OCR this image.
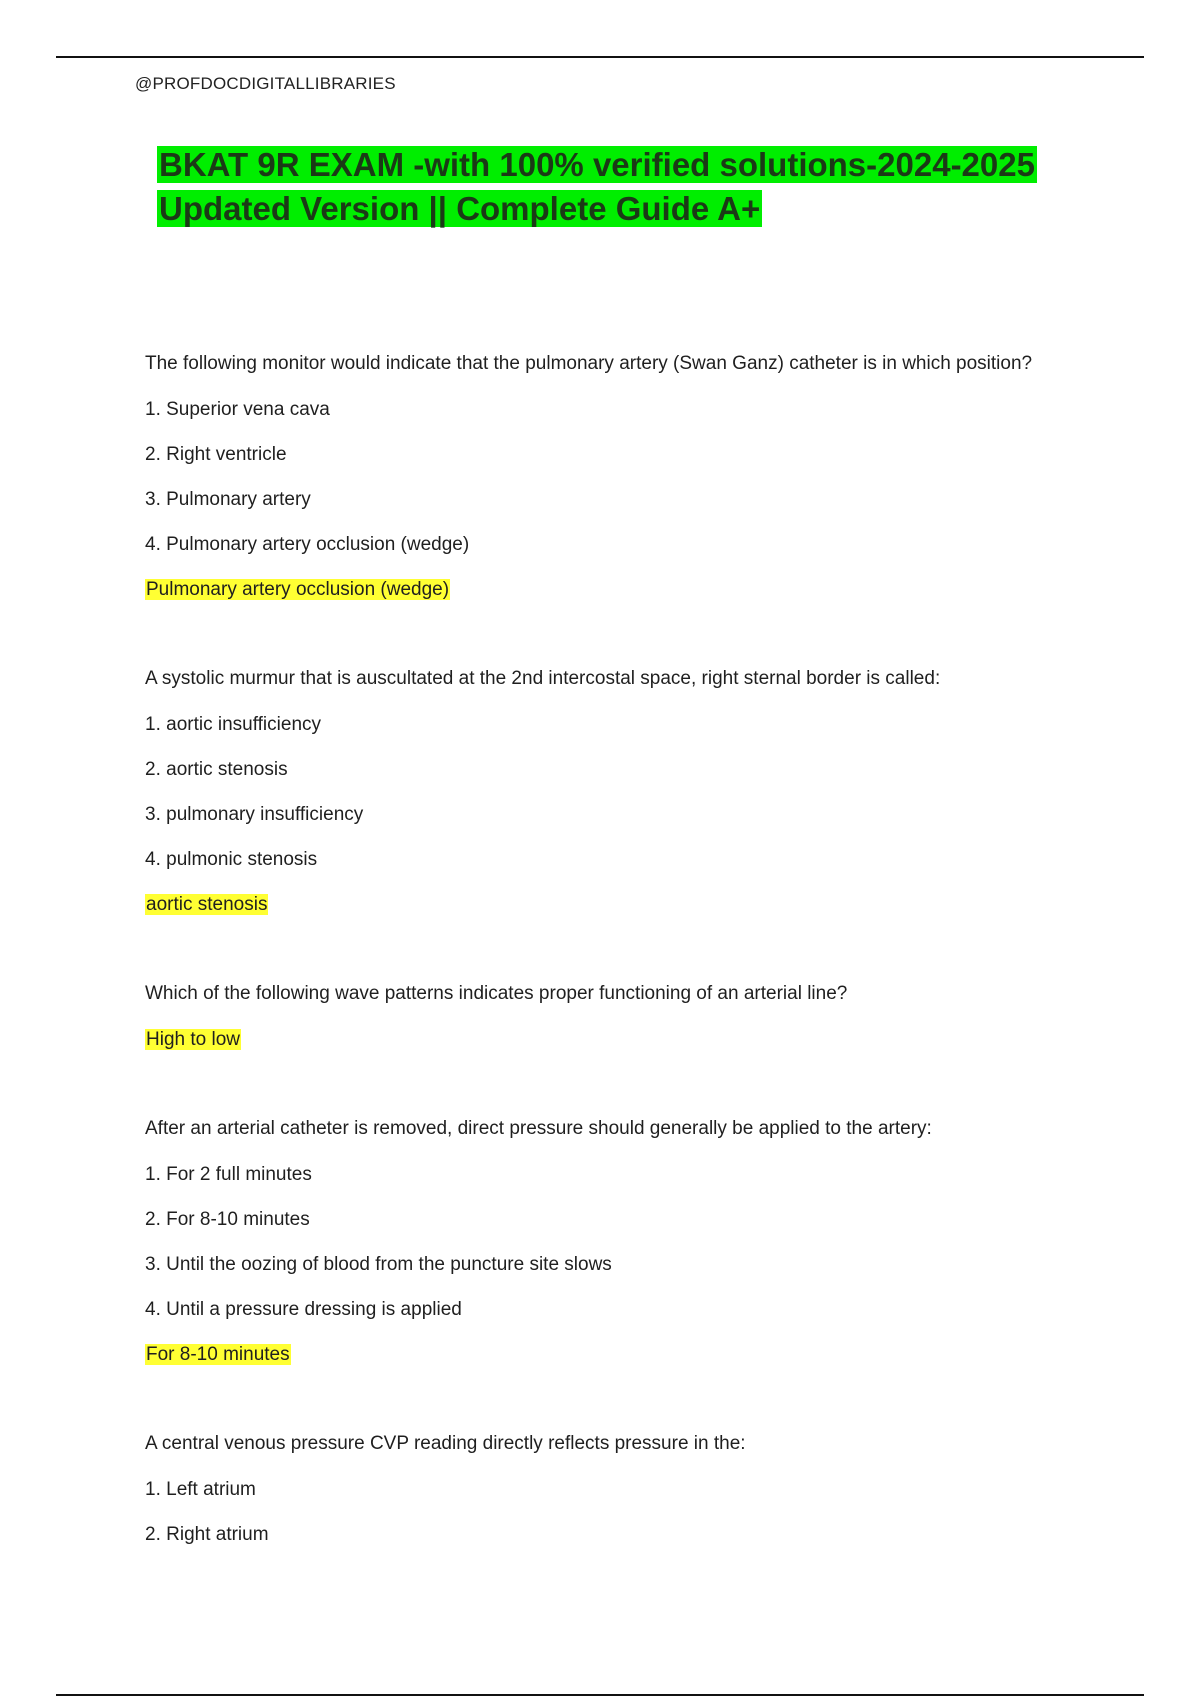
@PROFDOCDIGITALLIBRARIES
BKAT 9R EXAM -with 100% verified solutions-2024-2025
Updated Version || Complete Guide A+
The following monitor would indicate that the pulmonary artery (Swan Ganz) catheter is in which position?
1. Superior vena cava
2. Right ventricle
3. Pulmonary artery
4. Pulmonary artery occlusion (wedge)
Pulmonary artery occlusion (wedge)
A systolic murmur that is auscultated at the 2nd intercostal space, right sternal border is called:
1. aortic insufficiency
2. aortic stenosis
3. pulmonary insufficiency
4. pulmonic stenosis
aortic stenosis
Which of the following wave patterns indicates proper functioning of an arterial line?
High to low
After an arterial catheter is removed, direct pressure should generally be applied to the artery:
1. For 2 full minutes
2. For 8-10 minutes
3. Until the oozing of blood from the puncture site slows
4. Until a pressure dressing is applied
For 8-10 minutes
A central venous pressure CVP reading directly reflects pressure in the:
1. Left atrium
2. Right atrium
